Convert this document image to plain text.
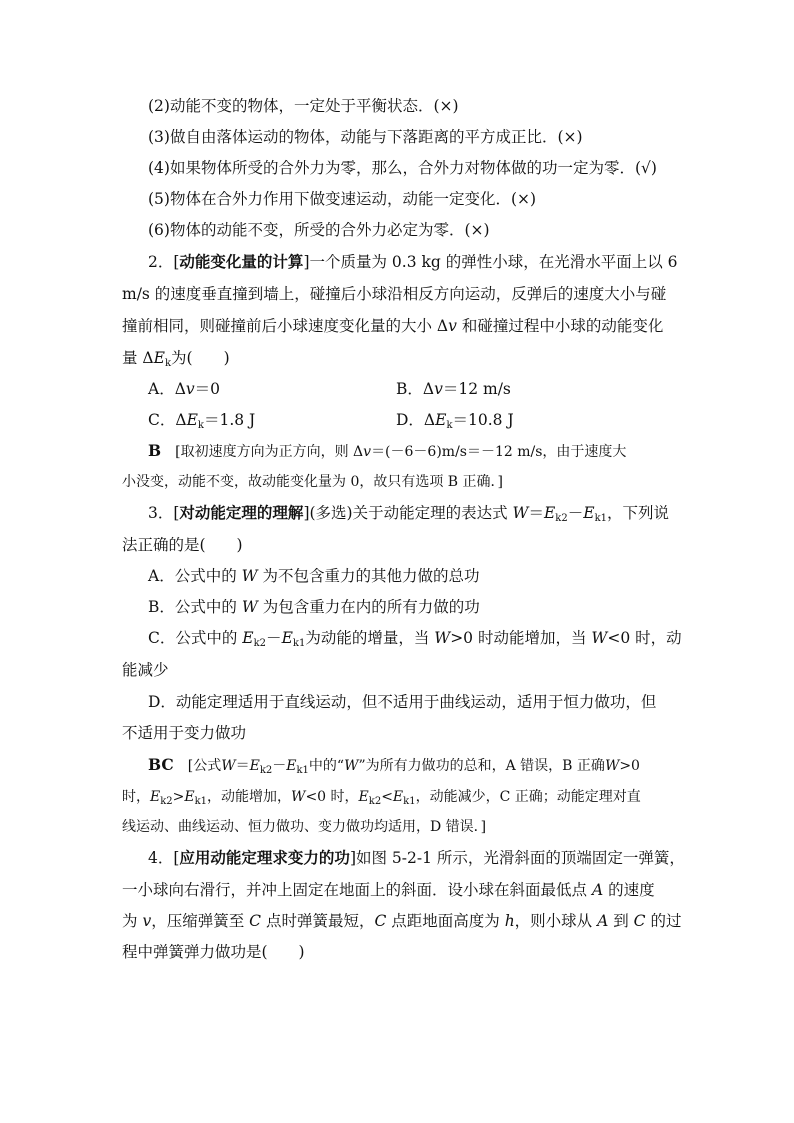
(2)动能不变的物体，一定处于平衡状态．(×)
(3)做自由落体运动的物体，动能与下落距离的平方成正比．(×)
(4)如果物体所受的合外力为零，那么，合外力对物体做的功一定为零．(√)
(5)物体在合外力作用下做变速运动，动能一定变化．(×)
(6)物体的动能不变，所受的合外力必定为零．(×)
2．[动能变化量的计算]一个质量为 0.3 kg 的弹性小球，在光滑水平面上以 6
m/s 的速度垂直撞到墙上，碰撞后小球沿相反方向运动，反弹后的速度大小与碰
撞前相同，则碰撞前后小球速度变化量的大小 Δv 和碰撞过程中小球的动能变化
量 $\Delta E_k$为(　　)
A．Δv＝0	B．Δv＝12 m/s
C．$\Delta E_k=1.8$ J	D．$\Delta E_k=10.8$ J
B　[取初速度方向为正方向，则 Δv＝(－6－6)m/s＝－12 m/s，由于速度大
小没变，动能不变，故动能变化量为 0，故只有选项 B 正确．]
3．[对动能定理的理解](多选)关于动能定理的表达式 $W=E_{k2}-E_{k1}$，下列说
法正确的是(　　)
A．公式中的 W 为不包含重力的其他力做的总功
B．公式中的 W 为包含重力在内的所有力做的功
C．公式中的 $E_{k2}-E_{k1}$为动能的增量，当 W>0 时动能增加，当 W<0 时，动
能减少
D．动能定理适用于直线运动，但不适用于曲线运动，适用于恒力做功，但
不适用于变力做功
BC　[公式$W=E_{k2}-E_{k1}$中的“W”为所有力做功的总和，A 错误，B 正确W>0
时，$E_{k2}>E_{k1}$，动能增加，W<0 时，$E_{k2}<E_{k1}$，动能减少，C 正确；动能定理对直
线运动、曲线运动、恒力做功、变力做功均适用，D 错误．]
4．[应用动能定理求变力的功]如图 5-2-1 所示，光滑斜面的顶端固定一弹簧，
一小球向右滑行，并冲上固定在地面上的斜面．设小球在斜面最低点 A 的速度
为 v，压缩弹簧至 C 点时弹簧最短，C 点距地面高度为 h，则小球从 A 到 C 的过
程中弹簧弹力做功是(　　)
